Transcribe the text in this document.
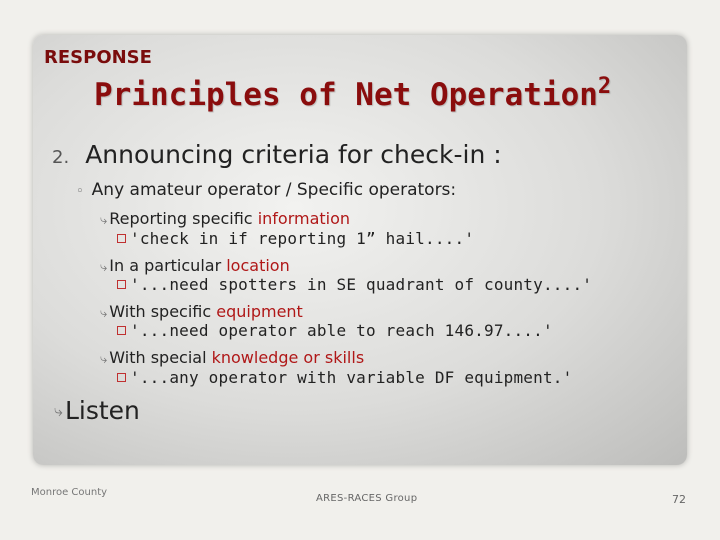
RESPONSE
Principles of Net Operation$^2$
2. Announcing criteria for check-in :
◦ Any amateur operator / Specific operators:
⤷ Reporting specific information
'check in if reporting 1” hail....'
⤷ In a particular location
'...need spotters in SE quadrant of county....'
⤷ With specific equipment
'...need operator able to reach 146.97....'
⤷ With special knowledge or skills
'...any operator with variable DF equipment.'
⤷Listen
Monroe County
ARES-RACES Group	72
